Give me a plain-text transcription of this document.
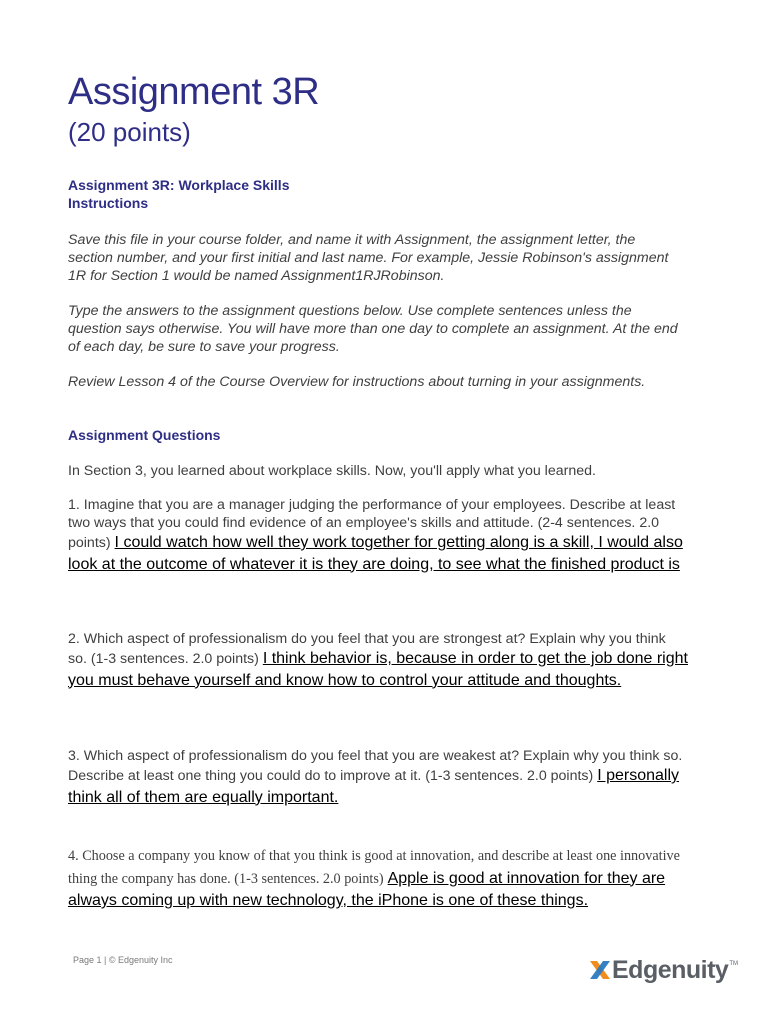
Assignment 3R
(20 points)
Assignment 3R: Workplace Skills
Instructions
Save this file in your course folder, and name it with Assignment, the assignment letter, the section number, and your first initial and last name. For example, Jessie Robinson's assignment 1R for Section 1 would be named Assignment1RJRobinson.
Type the answers to the assignment questions below. Use complete sentences unless the question says otherwise. You will have more than one day to complete an assignment. At the end of each day, be sure to save your progress.
Review Lesson 4 of the Course Overview for instructions about turning in your assignments.
Assignment Questions
In Section 3, you learned about workplace skills. Now, you'll apply what you learned.
1. Imagine that you are a manager judging the performance of your employees. Describe at least two ways that you could find evidence of an employee's skills and attitude. (2-4 sentences. 2.0 points) I could watch how well they work together for getting along is a skill, I would also look at the outcome of whatever it is they are doing, to see what the finished product is
2. Which aspect of professionalism do you feel that you are strongest at? Explain why you think so. (1-3 sentences. 2.0 points) I think behavior is, because in order to get the job done right you must behave yourself and know how to control your attitude and thoughts.
3. Which aspect of professionalism do you feel that you are weakest at? Explain why you think so. Describe at least one thing you could do to improve at it. (1-3 sentences. 2.0 points) I personally think all of them are equally important.
4. Choose a company you know of that you think is good at innovation, and describe at least one innovative thing the company has done. (1-3 sentences. 2.0 points) Apple is good at innovation for they are always coming up with new technology, the iPhone is one of these things.
Page 1 | © Edgenuity Inc	Edgenuity TM
